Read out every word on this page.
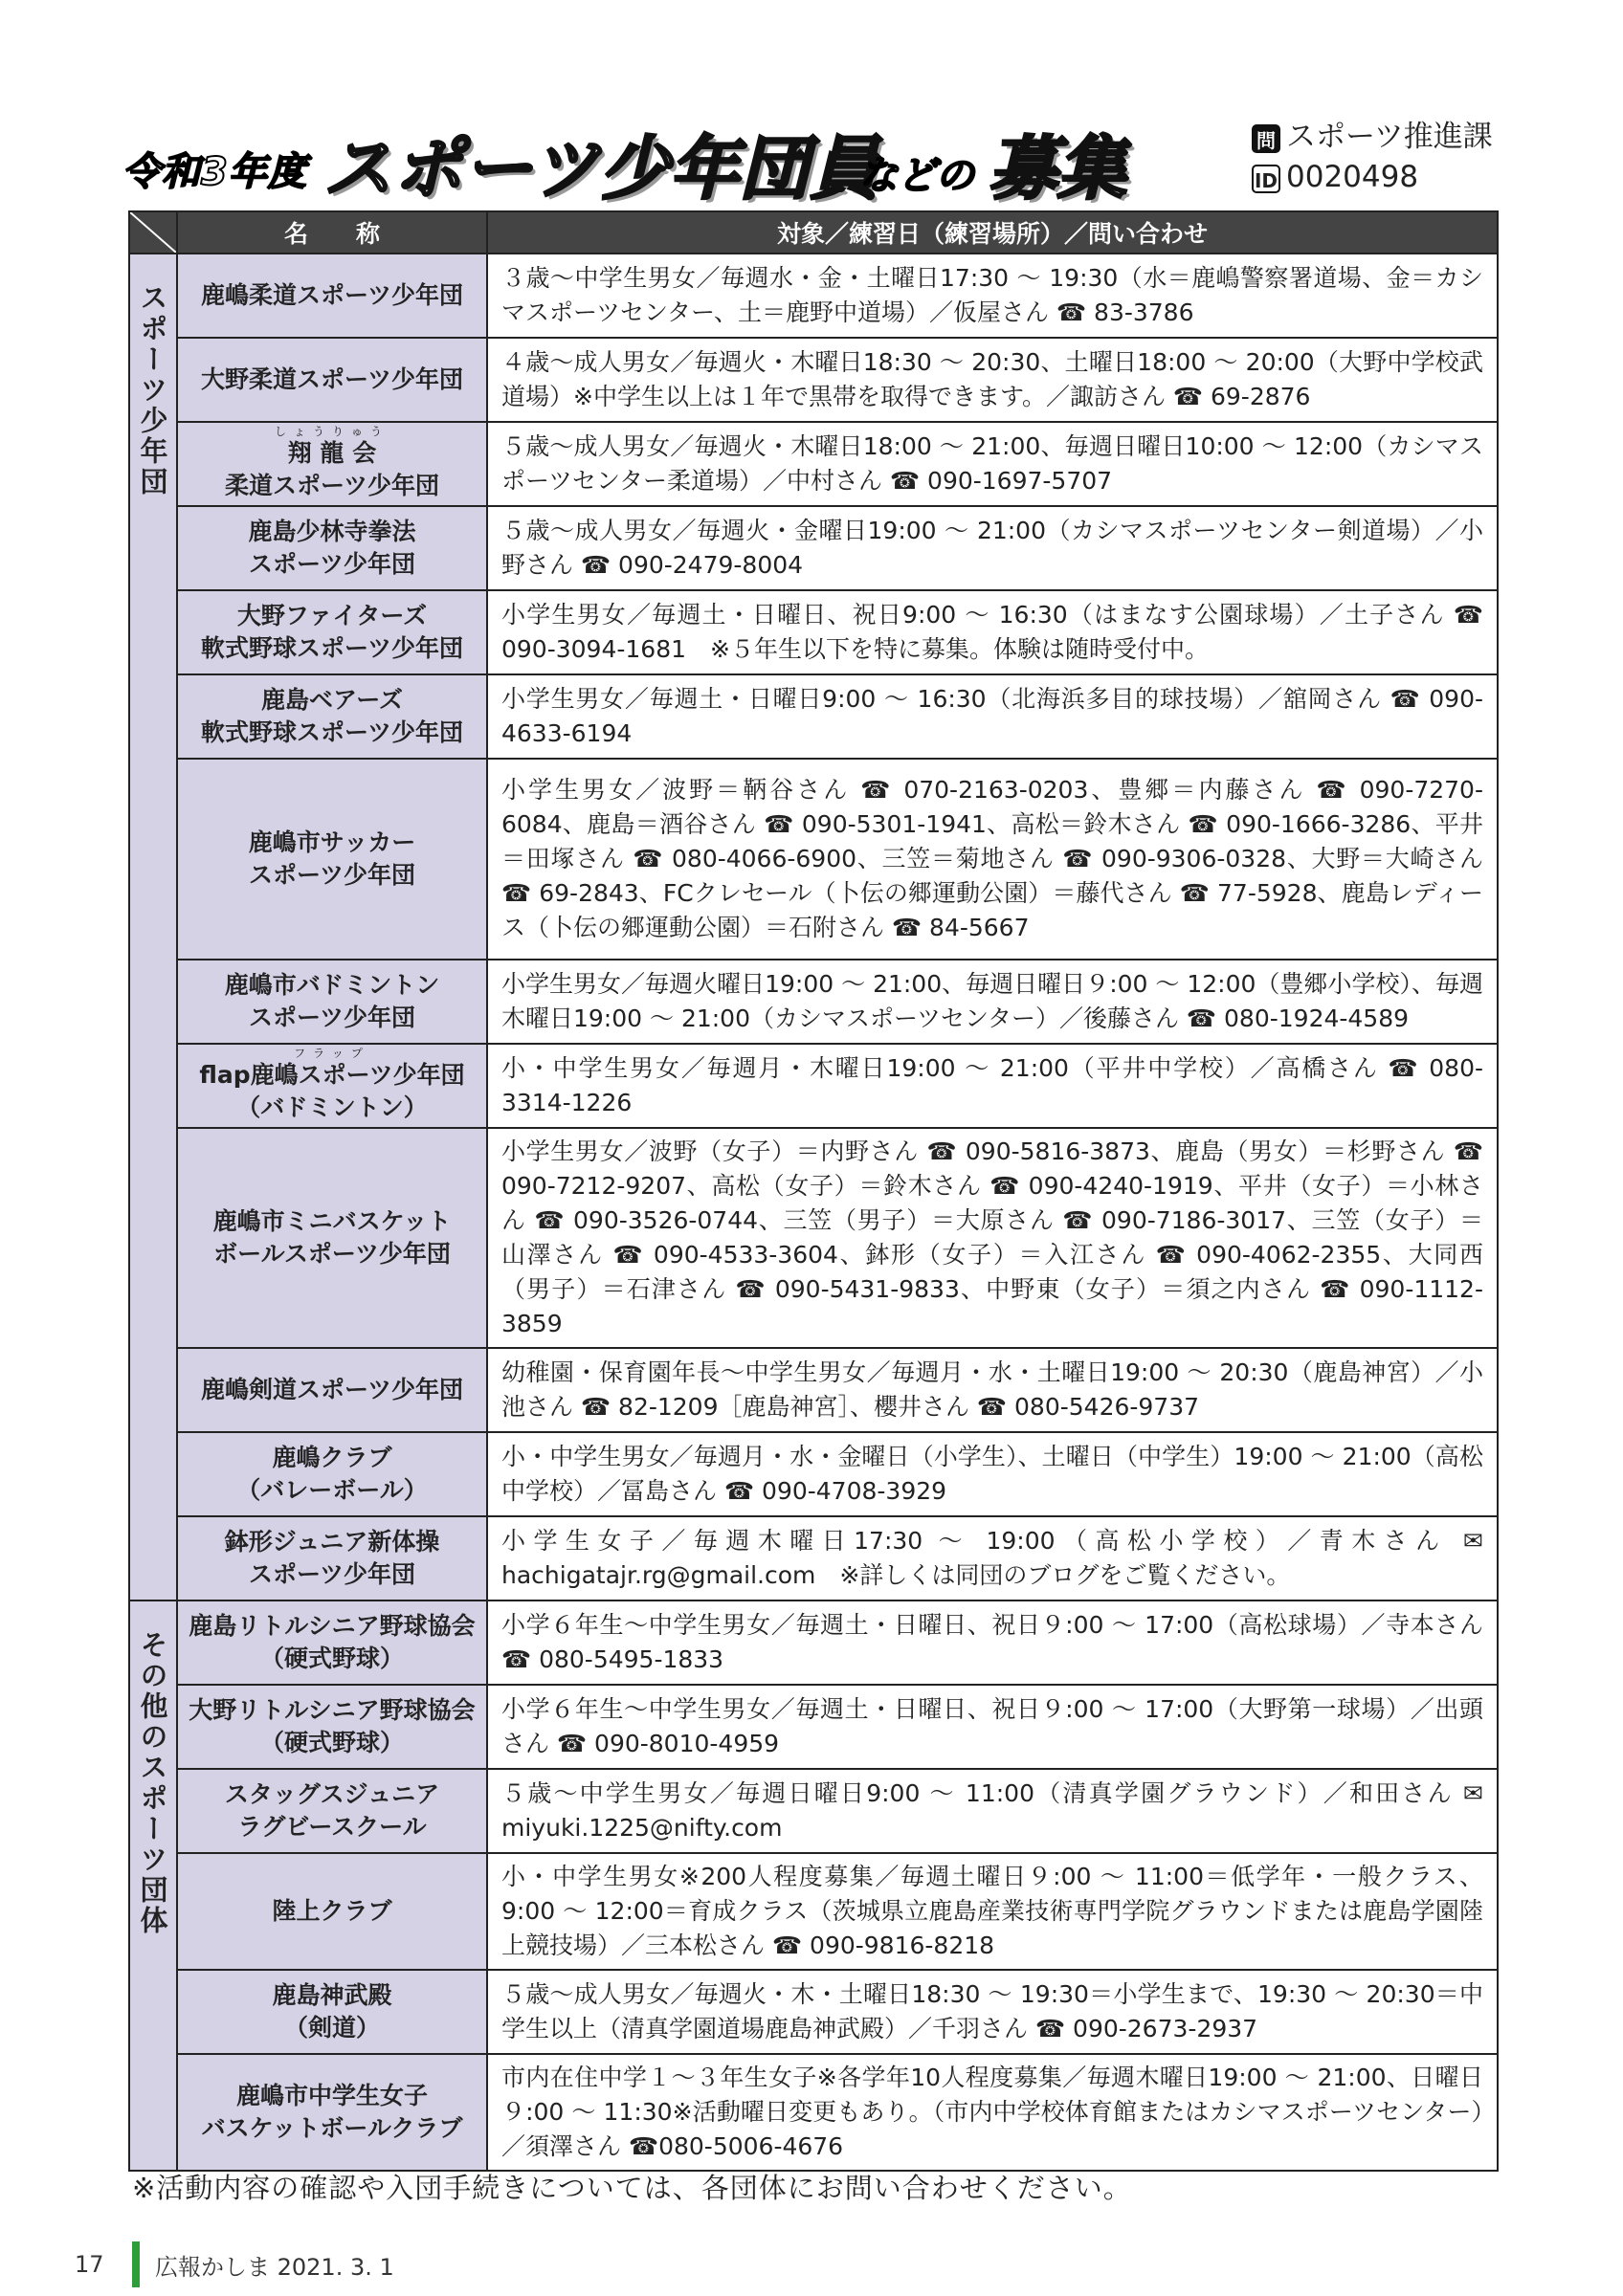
令和3年度 スポーツ少年団員
などの 募集	問 スポーツ推進課
ID 0020498
	名　　称	対象／練習日（練習場所）／問い合わせ

スポーツ少年団	鹿嶋柔道スポーツ少年団	３歳〜中学生男女／毎週水・金・土曜日17:30 〜 19:30（水＝鹿嶋警察署道場、金＝カシマスポーツセンター、土＝鹿野中道場）／仮屋さん ☎ 83-3786

	大野柔道スポーツ少年団	４歳〜成人男女／毎週火・木曜日18:30 〜 20:30、土曜日18:00 〜 20:00（大野中学校武道場）※中学生以上は１年で黒帯を取得できます。／諏訪さん ☎ 69-2876

	しょうりゅう
翔 龍 会
柔道スポーツ少年団	５歳〜成人男女／毎週火・木曜日18:00 〜 21:00、毎週日曜日10:00 〜 12:00（カシマスポーツセンター柔道場）／中村さん ☎ 090-1697-5707

	鹿島少林寺拳法
スポーツ少年団	５歳〜成人男女／毎週火・金曜日19:00 〜 21:00（カシマスポーツセンター剣道場）／小野さん ☎ 090-2479-8004

	大野ファイターズ
軟式野球スポーツ少年団	小学生男女／毎週土・日曜日、祝日9:00 〜 16:30（はまなす公園球場）／土子さん ☎ 090-3094-1681　※５年生以下を特に募集。体験は随時受付中。

	鹿島ベアーズ
軟式野球スポーツ少年団	小学生男女／毎週土・日曜日9:00 〜 16:30（北海浜多目的球技場）／舘岡さん ☎ 090-4633-6194

	鹿嶋市サッカー
スポーツ少年団	小学生男女／波野＝鞆谷さん ☎ 070-2163-0203、豊郷＝内藤さん ☎ 090-7270-6084、鹿島＝酒谷さん ☎ 090-5301-1941、高松＝鈴木さん ☎ 090-1666-3286、平井＝田塚さん ☎ 080-4066-6900、三笠＝菊地さん ☎ 090-9306-0328、大野＝大崎さん ☎ 69-2843、FCクレセール（卜伝の郷運動公園）＝藤代さん ☎ 77-5928、鹿島レディース（卜伝の郷運動公園）＝石附さん ☎ 84-5667

	鹿嶋市バドミントン
スポーツ少年団	小学生男女／毎週火曜日19:00 〜 21:00、毎週日曜日９:00 〜 12:00（豊郷小学校）、毎週木曜日19:00 〜 21:00（カシマスポーツセンター）／後藤さん ☎ 080-1924-4589

	フラップ
flap鹿嶋スポーツ少年団
（バドミントン）	小・中学生男女／毎週月・木曜日19:00 〜 21:00（平井中学校）／高橋さん ☎ 080-3314-1226

	鹿嶋市ミニバスケット
ボールスポーツ少年団	小学生男女／波野（女子）＝内野さん ☎ 090-5816-3873、鹿島（男女）＝杉野さん ☎ 090-7212-9207、高松（女子）＝鈴木さん ☎ 090-4240-1919、平井（女子）＝小林さん ☎ 090-3526-0744、三笠（男子）＝大原さん ☎ 090-7186-3017、三笠（女子）＝山澤さん ☎ 090-4533-3604、鉢形（女子）＝入江さん ☎ 090-4062-2355、大同西（男子）＝石津さん ☎ 090-5431-9833、中野東（女子）＝須之内さん ☎ 090-1112-3859

	鹿嶋剣道スポーツ少年団	幼稚園・保育園年長〜中学生男女／毎週月・水・土曜日19:00 〜 20:30（鹿島神宮）／小池さん ☎ 82-1209［鹿島神宮］、櫻井さん ☎ 080-5426-9737

	鹿嶋クラブ
（バレーボール）	小・中学生男女／毎週月・水・金曜日（小学生）、土曜日（中学生）19:00 〜 21:00（高松中学校）／冨島さん ☎ 090-4708-3929

	鉢形ジュニア新体操
スポーツ少年団	小学生女子／毎週木曜日17:30 〜 19:00（高松小学校）／青木さん ✉ hachigatajr.rg@gmail.com　※詳しくは同団のブログをご覧ください。

その他のスポーツ団体	鹿島リトルシニア野球協会
（硬式野球）	小学６年生〜中学生男女／毎週土・日曜日、祝日９:00 〜 17:00（高松球場）／寺本さん ☎ 080-5495-1833

	大野リトルシニア野球協会
（硬式野球）	小学６年生〜中学生男女／毎週土・日曜日、祝日９:00 〜 17:00（大野第一球場）／出頭さん ☎ 090-8010-4959

	スタッグスジュニア
ラグビースクール	５歳〜中学生男女／毎週日曜日9:00 〜 11:00（清真学園グラウンド）／和田さん ✉ miyuki.1225@nifty.com

	陸上クラブ	小・中学生男女※200人程度募集／毎週土曜日９:00 〜 11:00＝低学年・一般クラス、9:00 〜 12:00＝育成クラス（茨城県立鹿島産業技術専門学院グラウンドまたは鹿島学園陸上競技場）／三本松さん ☎ 090-9816-8218

	鹿島神武殿
（剣道）	５歳〜成人男女／毎週火・木・土曜日18:30 〜 19:30＝小学生まで、19:30 〜 20:30＝中学生以上（清真学園道場鹿島神武殿）／千羽さん ☎ 090-2673-2937

	鹿嶋市中学生女子
バスケットボールクラブ	市内在住中学１〜３年生女子※各学年10人程度募集／毎週木曜日19:00 〜 21:00、日曜日９:00 〜 11:30※活動曜日変更もあり。（市内中学校体育館またはカシマスポーツセンター）／須澤さん ☎080-5006-4676
※活動内容の確認や入団手続きについては、各団体にお問い合わせください。
17	広報かしま 2021. 3. 1
